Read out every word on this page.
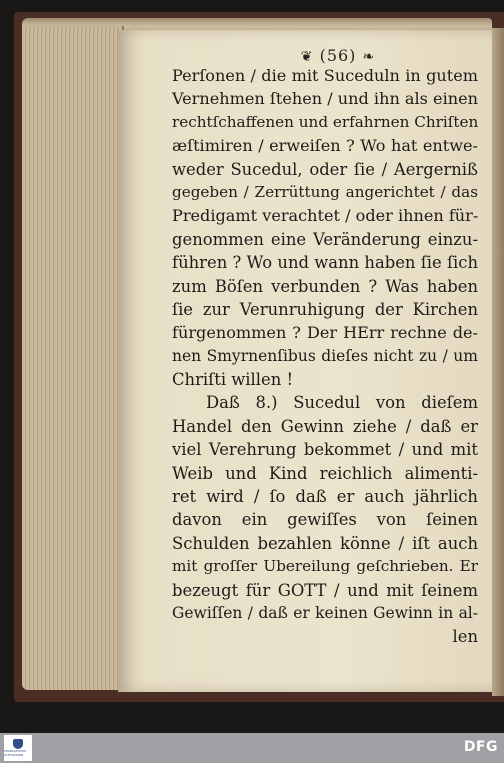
❦ (56) ❧
Perſonen / die mit Suceduln in gutem
Vernehmen ſtehen / und ihn als einen
rechtſchaffenen und erfahrnen Chriſten
æſtimiren / erweiſen ? Wo hat entwe-
weder Sucedul, oder ſie / Aergerniß
gegeben / Zerrüttung angerichtet / das
Predigamt verachtet / oder ihnen für-
genommen eine Veränderung einzu-
führen ? Wo und wann haben ſie ſich
zum Böſen verbunden ? Was haben
ſie zur Verunruhigung der Kirchen
fürgenommen ? Der HErr rechne de-
nen Smyrnenſibus dieſes nicht zu / um
Chriſti willen !
Daß 8.) Sucedul von dieſem
Handel den Gewinn ziehe / daß er
viel Verehrung bekommet / und mit
Weib und Kind reichlich alimenti-
ret wird / ſo daß er auch jährlich
davon ein gewiſſes von ſeinen
Schulden bezahlen könne / iſt auch
mit groſſer Ubereilung geſchrieben. Er
bezeugt für GOTT / und mit ſeinem
Gewiſſen / daß er keinen Gewinn in al-
len
FRANCKESCHE STIFTUNGEN	DFG
